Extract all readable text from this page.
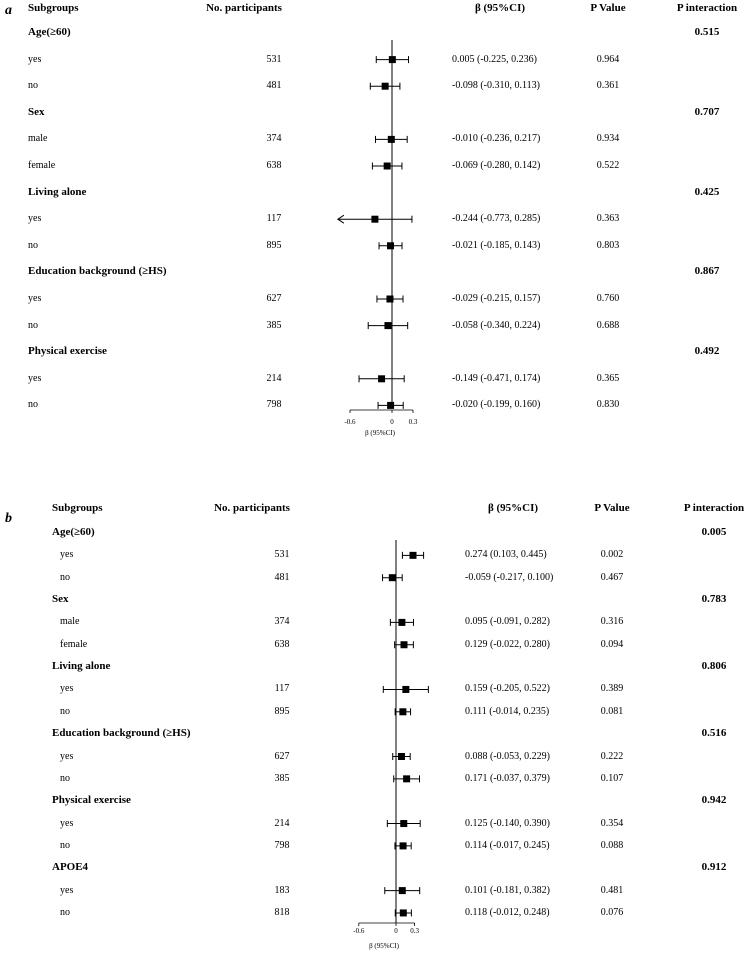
a Subgroups	No. participants	β (95%CI)	P Value	P interaction
-0.6	0 0.3
β (95%CI)
Age(≥60)	0.515
yes	531	0.005 (-0.225, 0.236)	0.964
no	481	-0.098 (-0.310, 0.113)	0.361
Sex	0.707
male	374	-0.010 (-0.236, 0.217)	0.934
female	638	-0.069 (-0.280, 0.142)	0.522
Living alone	0.425
yes	117	-0.244 (-0.773, 0.285)	0.363
no	895	-0.021 (-0.185, 0.143)	0.803
Education background (≥HS)	0.867
yes	627	-0.029 (-0.215, 0.157)	0.760
no	385	-0.058 (-0.340, 0.224)	0.688
Physical exercise	0.492
yes	214	-0.149 (-0.471, 0.174)	0.365
no	798	-0.020 (-0.199, 0.160)	0.830
b
Subgroups	No. participants	β (95%CI)	P Value	P interaction
-0.6	0 0.3
β (95%CI)
Age(≥60)	0.005
yes	531	0.274 (0.103, 0.445)	0.002
no	481	-0.059 (-0.217, 0.100)	0.467
Sex	0.783
male	374	0.095 (-0.091, 0.282)	0.316
female	638	0.129 (-0.022, 0.280)	0.094
Living alone	0.806
yes	117	0.159 (-0.205, 0.522)	0.389
no	895	0.111 (-0.014, 0.235)	0.081
Education background (≥HS)	0.516
yes	627	0.088 (-0.053, 0.229)	0.222
no	385	0.171 (-0.037, 0.379)	0.107
Physical exercise	0.942
yes	214	0.125 (-0.140, 0.390)	0.354
no	798	0.114 (-0.017, 0.245)	0.088
APOE4	0.912
yes	183	0.101 (-0.181, 0.382)	0.481
no	818	0.118 (-0.012, 0.248)	0.076
